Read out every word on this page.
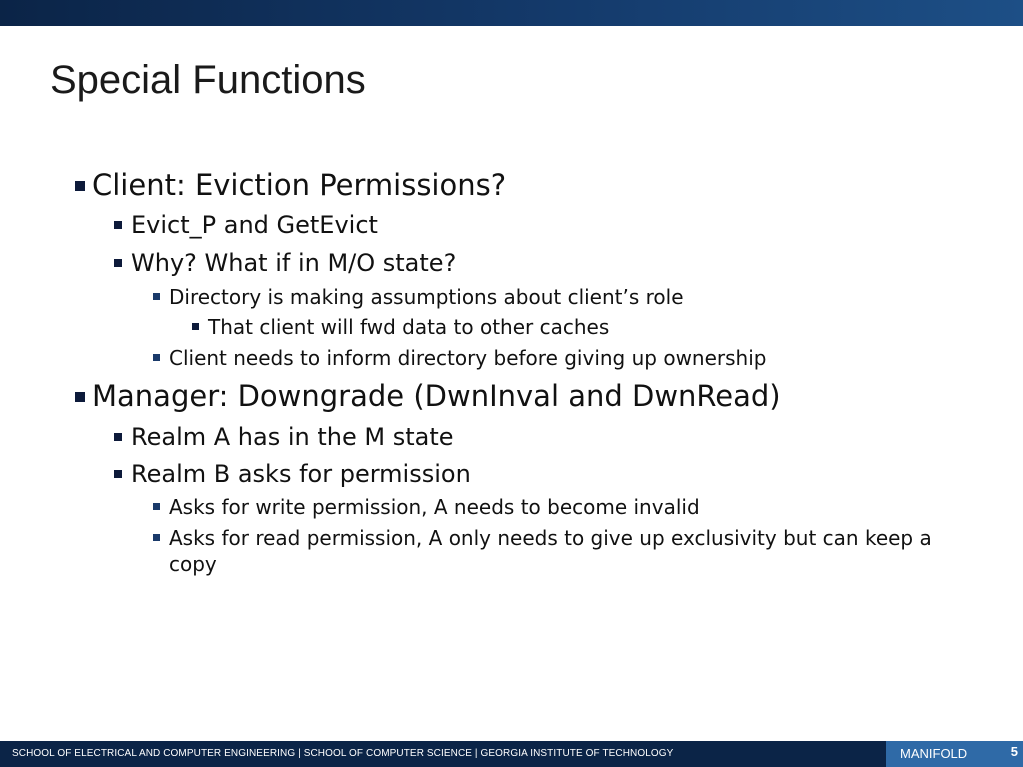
Special Functions
Client: Eviction Permissions?
Evict_P and GetEvict
Why? What if in M/O state?
Directory is making assumptions about client’s role
That client will fwd data to other caches
Client needs to inform directory before giving up ownership
Manager: Downgrade (DwnInval and DwnRead)
Realm A has in the M state
Realm B asks for permission
Asks for write permission, A needs to become invalid
Asks for read permission, A only needs to give up exclusivity but can keep a copy
SCHOOL OF ELECTRICAL AND COMPUTER ENGINEERING | SCHOOL OF COMPUTER SCIENCE | GEORGIA INSTITUTE OF TECHNOLOGY	MANIFOLD	5
